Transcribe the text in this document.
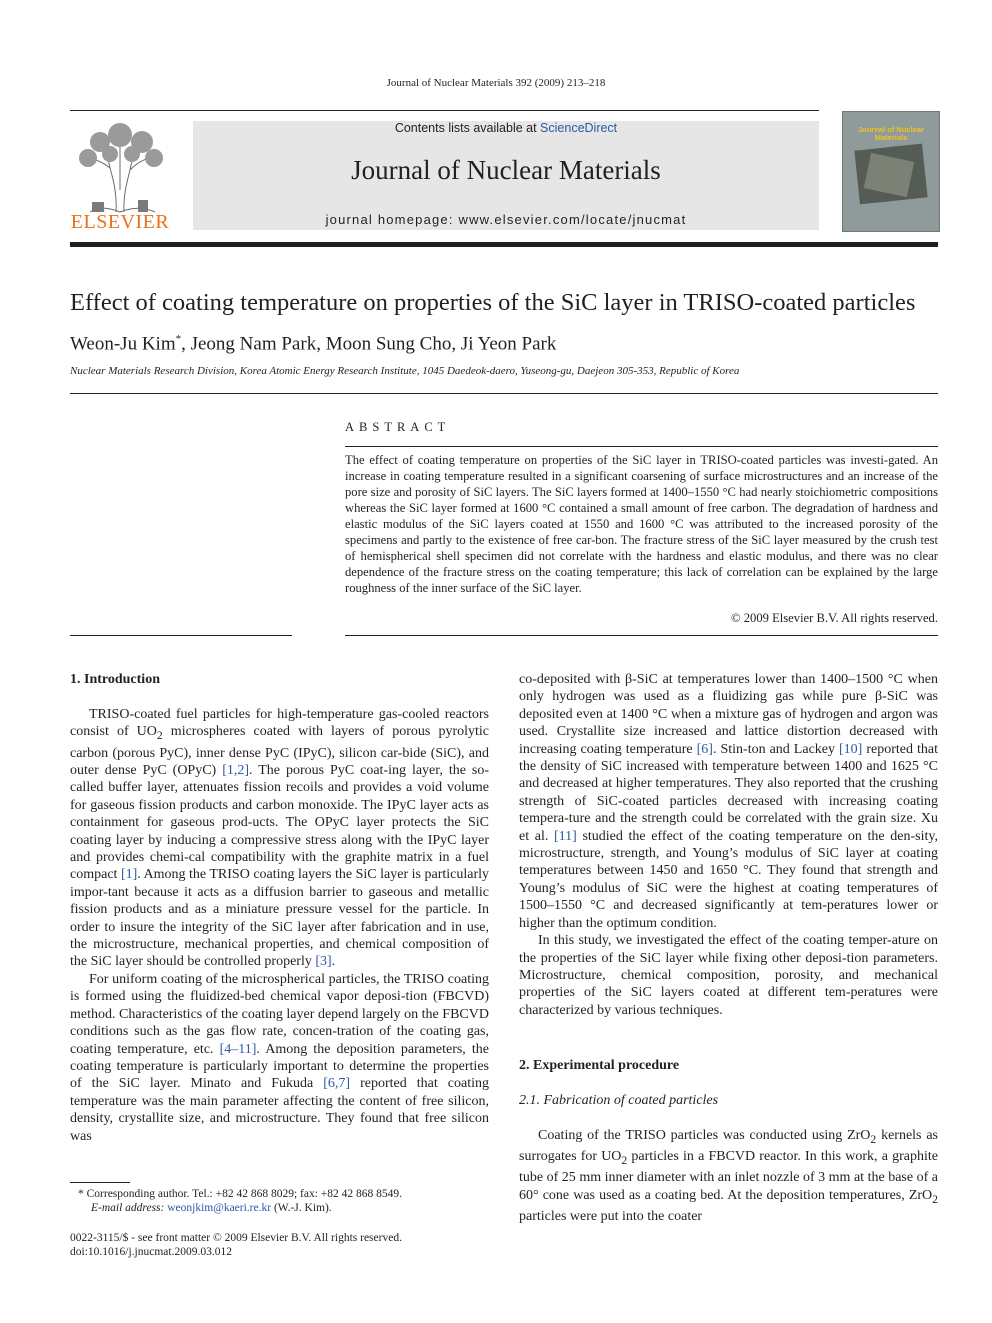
Journal of Nuclear Materials 392 (2009) 213–218
ELSEVIER
Contents lists available at ScienceDirect
Journal of Nuclear Materials
journal homepage: www.elsevier.com/locate/jnucmat
Journal of Nuclear Materials
Effect of coating temperature on properties of the SiC layer in TRISO-coated particles
Weon-Ju Kim*, Jeong Nam Park, Moon Sung Cho, Ji Yeon Park
Nuclear Materials Research Division, Korea Atomic Energy Research Institute, 1045 Daedeok-daero, Yuseong-gu, Daejeon 305-353, Republic of Korea
ABSTRACT
The effect of coating temperature on properties of the SiC layer in TRISO-coated particles was investi-gated. An increase in coating temperature resulted in a significant coarsening of surface microstructures and an increase of the pore size and porosity of SiC layers. The SiC layers formed at 1400–1550 °C had nearly stoichiometric compositions whereas the SiC layer formed at 1600 °C contained a small amount of free carbon. The degradation of hardness and elastic modulus of the SiC layers coated at 1550 and 1600 °C was attributed to the increased porosity of the specimens and partly to the existence of free car-bon. The fracture stress of the SiC layer measured by the crush test of hemispherical shell specimen did not correlate with the hardness and elastic modulus, and there was no clear dependence of the fracture stress on the coating temperature; this lack of correlation can be explained by the large roughness of the inner surface of the SiC layer.
© 2009 Elsevier B.V. All rights reserved.
1. Introduction

TRISO-coated fuel particles for high-temperature gas-cooled reactors consist of $UO_2$ microspheres coated with layers of porous pyrolytic carbon (porous PyC), inner dense PyC (IPyC), silicon car-bide (SiC), and outer dense PyC (OPyC) [1,2]. The porous PyC coat-ing layer, the so-called buffer layer, attenuates fission recoils and provides a void volume for gaseous fission products and carbon monoxide. The IPyC layer acts as containment for gaseous prod-ucts. The OPyC layer protects the SiC coating layer by inducing a compressive stress along with the IPyC layer and provides chemi-cal compatibility with the graphite matrix in a fuel compact [1]. Among the TRISO coating layers the SiC layer is particularly impor-tant because it acts as a diffusion barrier to gaseous and metallic fission products and as a miniature pressure vessel for the particle. In order to insure the integrity of the SiC layer after fabrication and in use, the microstructure, mechanical properties, and chemical composition of the SiC layer should be controlled properly [3].

For uniform coating of the microspherical particles, the TRISO coating is formed using the fluidized-bed chemical vapor deposi-tion (FBCVD) method. Characteristics of the coating layer depend largely on the FBCVD conditions such as the gas flow rate, concen-tration of the coating gas, coating temperature, etc. [4–11]. Among the deposition parameters, the coating temperature is particularly important to determine the properties of the SiC layer. Minato and Fukuda [6,7] reported that coating temperature was the main parameter affecting the content of free silicon, density, crystallite size, and microstructure. They found that free silicon was

* Corresponding author. Tel.: +82 42 868 8029; fax: +82 42 868 8549.
E-mail address: weonjkim@kaeri.re.kr (W.-J. Kim).
0022-3115/$ - see front matter © 2009 Elsevier B.V. All rights reserved.
doi:10.1016/j.jnucmat.2009.03.012

co-deposited with β-SiC at temperatures lower than 1400–1500 °C when only hydrogen was used as a fluidizing gas while pure β-SiC was deposited even at 1400 °C when a mixture gas of hydrogen and argon was used. Crystallite size increased and lattice distortion decreased with increasing coating temperature [6]. Stin-ton and Lackey [10] reported that the density of SiC increased with temperature between 1400 and 1625 °C and decreased at higher temperatures. They also reported that the crushing strength of SiC-coated particles decreased with increasing coating tempera-ture and the strength could be correlated with the grain size. Xu et al. [11] studied the effect of the coating temperature on the den-sity, microstructure, strength, and Young’s modulus of SiC layer at coating temperatures between 1450 and 1650 °C. They found that strength and Young’s modulus of SiC were the highest at coating temperatures of 1500–1550 °C and decreased significantly at tem-peratures lower or higher than the optimum condition.

In this study, we investigated the effect of the coating temper-ature on the properties of the SiC layer while fixing other deposi-tion parameters. Microstructure, chemical composition, porosity, and mechanical properties of the SiC layers coated at different tem-peratures were characterized by various techniques.

2. Experimental procedure
2.1. Fabrication of coated particles

Coating of the TRISO particles was conducted using ZrO$_2$ kernels as surrogates for $UO_2$ particles in a FBCVD reactor. In this work, a graphite tube of 25 mm inner diameter with an inlet nozzle of 3 mm at the base of a 60° cone was used as a coating bed. At the deposition temperatures, ZrO$_2$ particles were put into the coater
